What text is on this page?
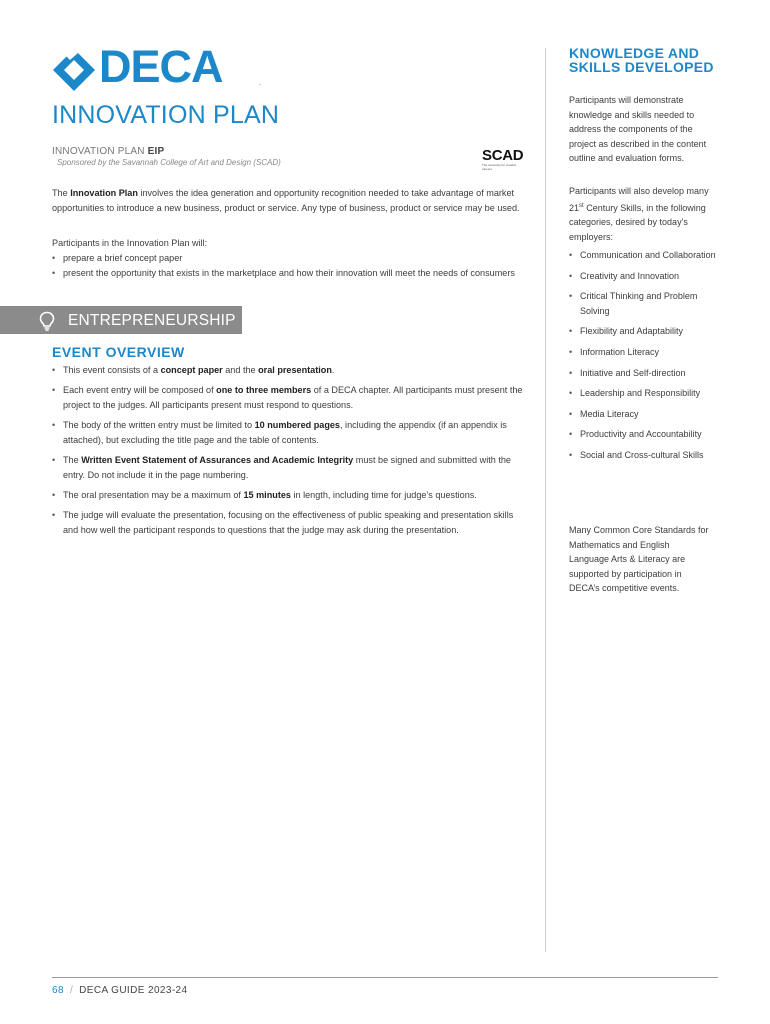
DECA	.
INNOVATION PLAN
INNOVATION PLAN EIP
Sponsored by the Savannah College of Art and Design (SCAD)	SCAD
The university for creative careers
The Innovation Plan involves the idea generation and opportunity recognition needed to take advantage of market opportunities to introduce a new business, product or service. Any type of business, product or service may be used.
Participants in the Innovation Plan will:
• prepare a brief concept paper
• present the opportunity that exists in the marketplace and how their innovation will meet the needs of consumers
ENTREPRENEURSHIP
EVENT OVERVIEW
• This event consists of a concept paper and the oral presentation.
• Each event entry will be composed of one to three members of a DECA chapter. All participants must present the project to the judges. All participants present must respond to questions.
• The body of the written entry must be limited to 10 numbered pages, including the appendix (if an appendix is attached), but excluding the title page and the table of contents.
• The Written Event Statement of Assurances and Academic Integrity must be signed and submitted with the entry. Do not include it in the page numbering.
• The oral presentation may be a maximum of 15 minutes in length, including time for judge’s questions.
• The judge will evaluate the presentation, focusing on the effectiveness of public speaking and presentation skills and how well the participant responds to questions that the judge may ask during the presentation.
KNOWLEDGE AND SKILLS DEVELOPED
Participants will demonstrate knowledge and skills needed to address the components of the project as described in the content outline and evaluation forms.
Participants will also develop many 21st Century Skills, in the following categories, desired by today’s employers:
• Communication and Collaboration
• Creativity and Innovation
• Critical Thinking and Problem Solving
• Flexibility and Adaptability
• Information Literacy
• Initiative and Self-direction
• Leadership and Responsibility
• Media Literacy
• Productivity and Accountability
• Social and Cross-cultural Skills
Many Common Core Standards for Mathematics and English Language Arts & Literacy are supported by participation in DECA’s competitive events.
68 / DECA GUIDE 2023-24
